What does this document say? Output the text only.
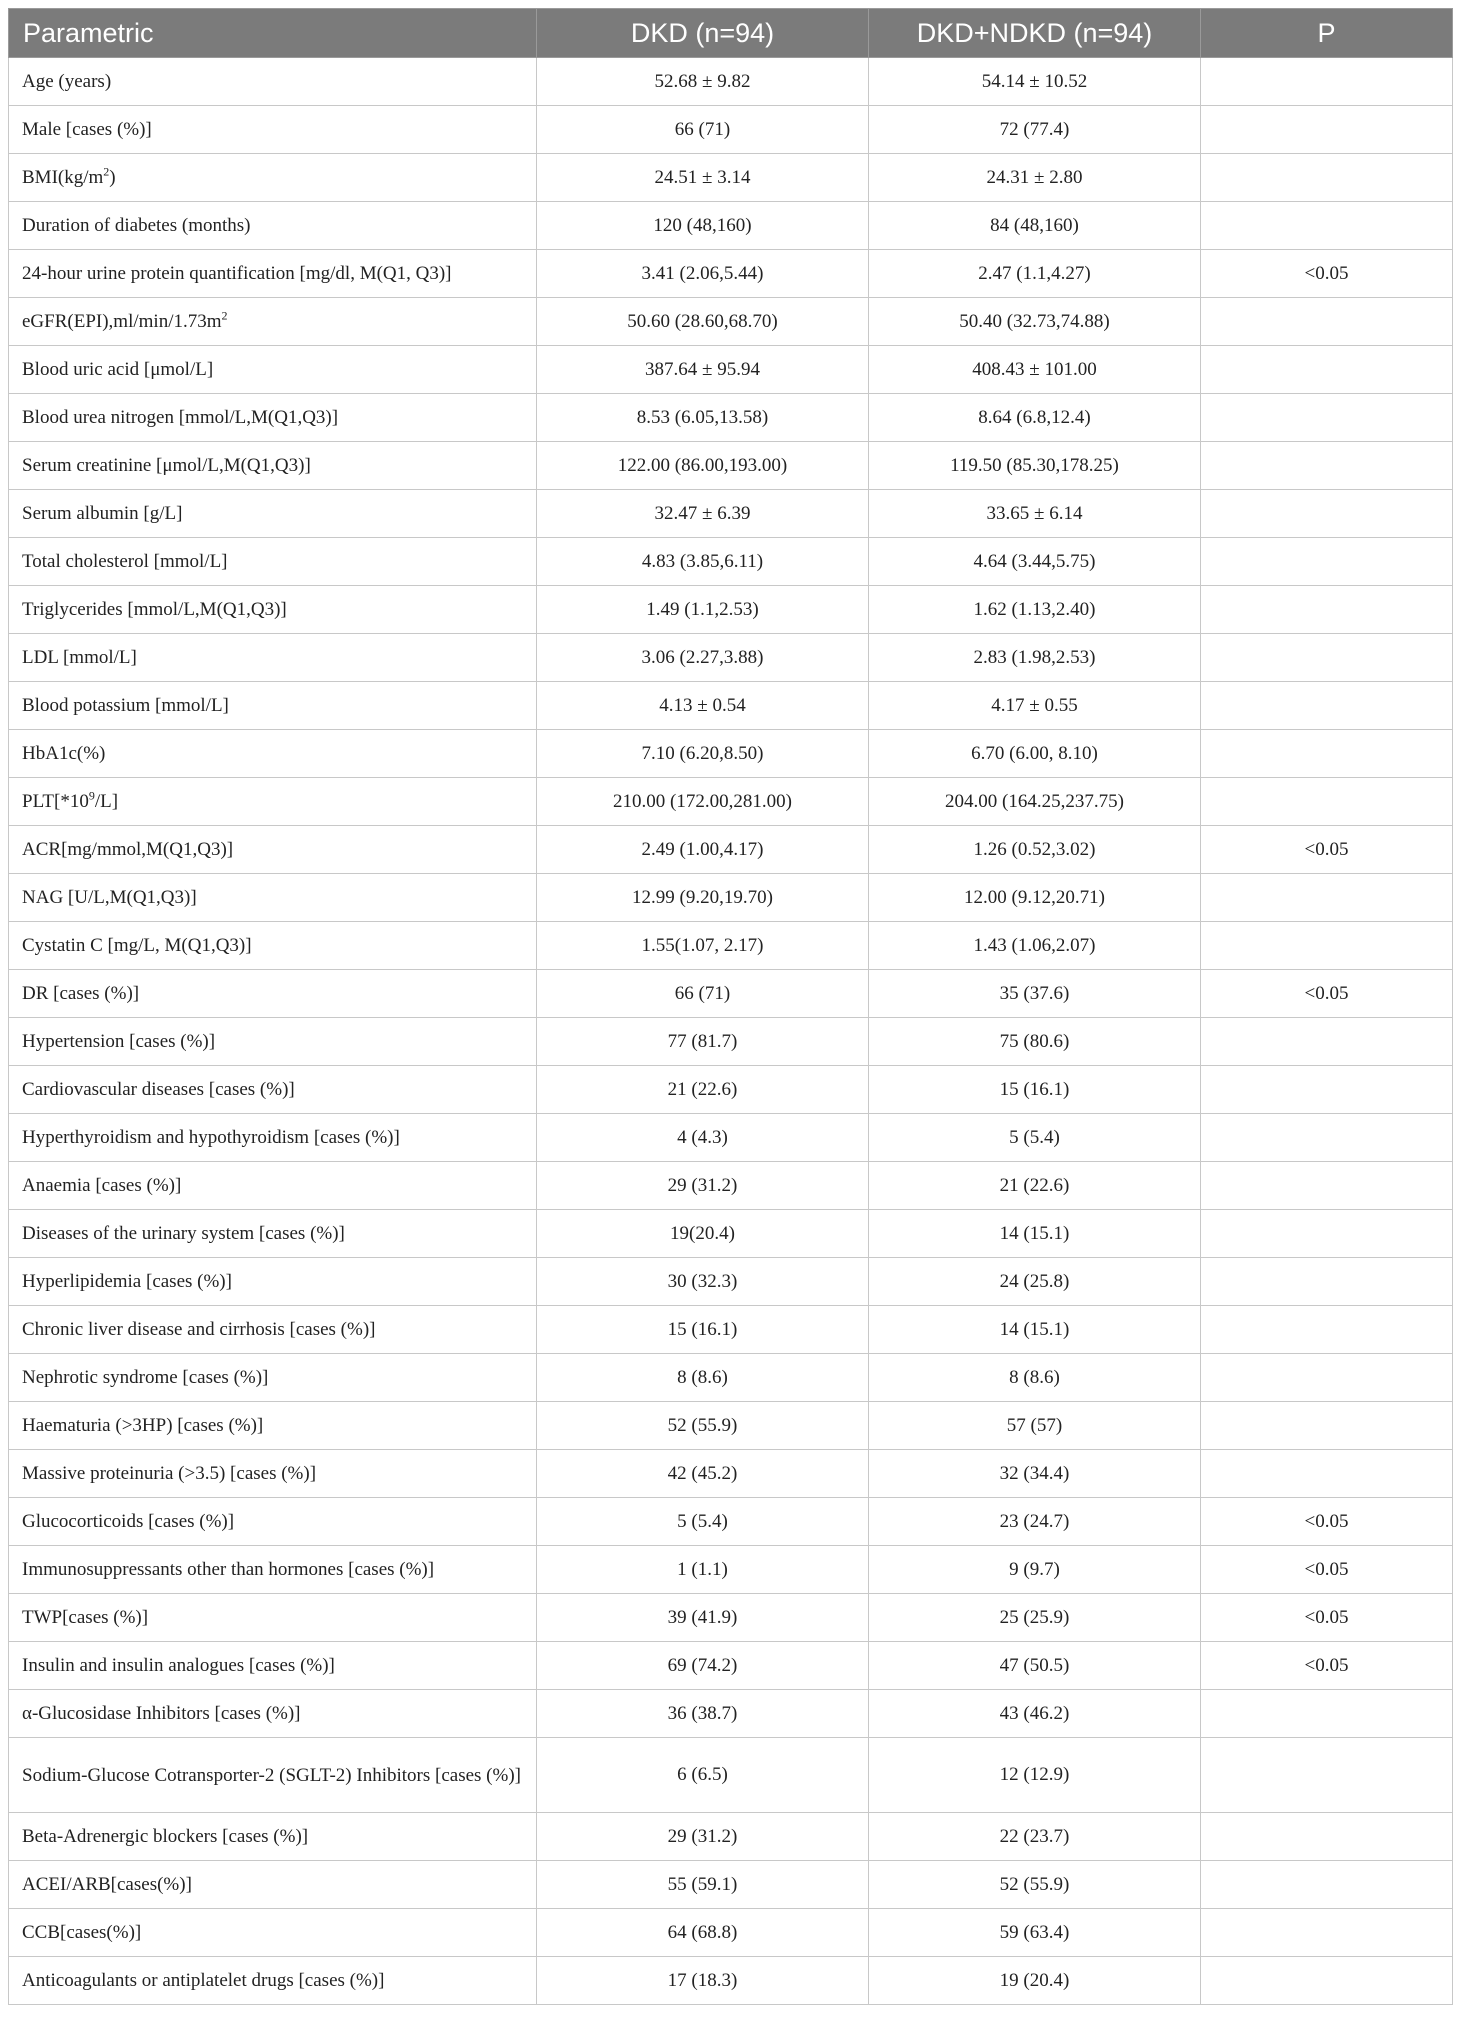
Parametric	DKD (n=94)	DKD+NDKD (n=94)	P
Age (years)	52.68 ± 9.82	54.14 ± 10.52	
Male [cases (%)]	66 (71)	72 (77.4)	
$BMI(kg/m^2)$	24.51 ± 3.14	24.31 ± 2.80	
Duration of diabetes (months)	120 (48,160)	84 (48,160)	
24-hour urine protein quantification [mg/dl, M(Q1, Q3)]	3.41 (2.06,5.44)	2.47 (1.1,4.27)	<0.05
$eGFR(EPI),ml/\min/1.73m^2$	50.60 (28.60,68.70)	50.40 (32.73,74.88)	
Blood uric acid [μmol/L]	387.64 ± 95.94	408.43 ± 101.00	
Blood urea nitrogen [mmol/L,M(Q1,Q3)]	8.53 (6.05,13.58)	8.64 (6.8,12.4)	
Serum creatinine [μmol/L,M(Q1,Q3)]	122.00 (86.00,193.00)	119.50 (85.30,178.25)	
Serum albumin [g/L]	32.47 ± 6.39	33.65 ± 6.14	
Total cholesterol [mmol/L]	4.83 (3.85,6.11)	4.64 (3.44,5.75)	
Triglycerides [mmol/L,M(Q1,Q3)]	1.49 (1.1,2.53)	1.62 (1.13,2.40)	
LDL [mmol/L]	3.06 (2.27,3.88)	2.83 (1.98,2.53)	
Blood potassium [mmol/L]	4.13 ± 0.54	4.17 ± 0.55	
HbA1c(%)	7.10 (6.20,8.50)	6.70 (6.00, 8.10)	
$PLT[*10^9/L]$	210.00 (172.00,281.00)	204.00 (164.25,237.75)	
ACR[mg/mmol,M(Q1,Q3)]	2.49 (1.00,4.17)	1.26 (0.52,3.02)	<0.05
NAG [U/L,M(Q1,Q3)]	12.99 (9.20,19.70)	12.00 (9.12,20.71)	
Cystatin C [mg/L, M(Q1,Q3)]	1.55(1.07, 2.17)	1.43 (1.06,2.07)	
DR [cases (%)]	66 (71)	35 (37.6)	<0.05
Hypertension [cases (%)]	77 (81.7)	75 (80.6)	
Cardiovascular diseases [cases (%)]	21 (22.6)	15 (16.1)	
Hyperthyroidism and hypothyroidism [cases (%)]	4 (4.3)	5 (5.4)	
Anaemia [cases (%)]	29 (31.2)	21 (22.6)	
Diseases of the urinary system [cases (%)]	19(20.4)	14 (15.1)	
Hyperlipidemia [cases (%)]	30 (32.3)	24 (25.8)	
Chronic liver disease and cirrhosis [cases (%)]	15 (16.1)	14 (15.1)	
Nephrotic syndrome [cases (%)]	8 (8.6)	8 (8.6)	
Haematuria (>3HP) [cases (%)]	52 (55.9)	57 (57)	
Massive proteinuria (>3.5) [cases (%)]	42 (45.2)	32 (34.4)	
Glucocorticoids [cases (%)]	5 (5.4)	23 (24.7)	<0.05
Immunosuppressants other than hormones [cases (%)]	1 (1.1)	9 (9.7)	<0.05
TWP[cases (%)]	39 (41.9)	25 (25.9)	<0.05
Insulin and insulin analogues [cases (%)]	69 (74.2)	47 (50.5)	<0.05
α-Glucosidase Inhibitors [cases (%)]	36 (38.7)	43 (46.2)	
Sodium-Glucose Cotransporter-2 (SGLT-2) Inhibitors [cases (%)]	6 (6.5)	12 (12.9)	
Beta-Adrenergic blockers [cases (%)]	29 (31.2)	22 (23.7)	
ACEI/ARB[cases(%)]	55 (59.1)	52 (55.9)	
CCB[cases(%)]	64 (68.8)	59 (63.4)	
Anticoagulants or antiplatelet drugs [cases (%)]	17 (18.3)	19 (20.4)	
